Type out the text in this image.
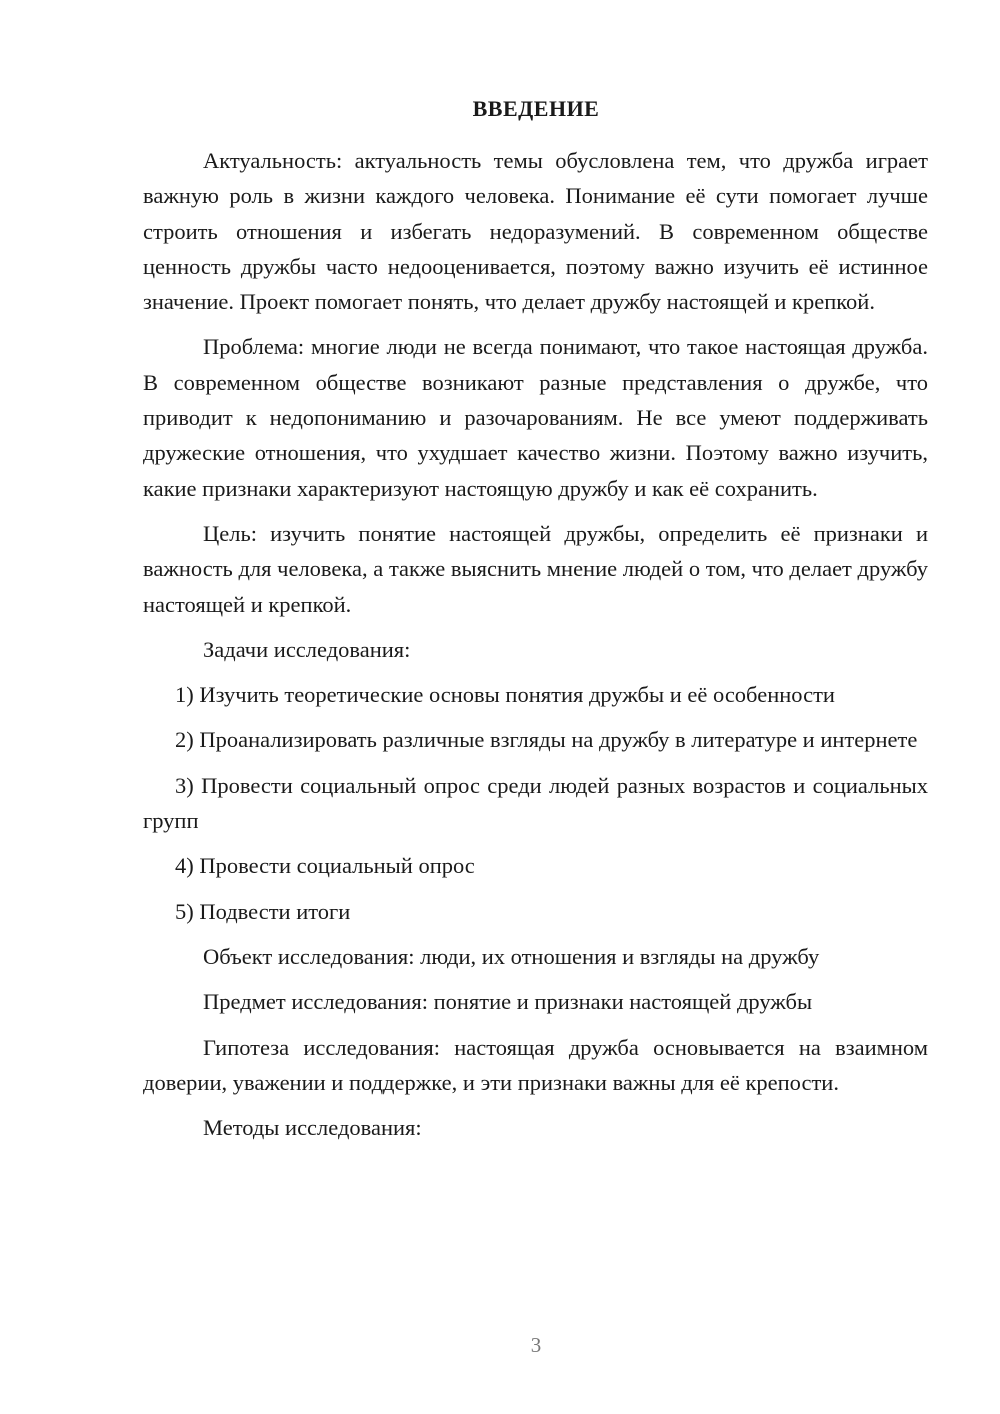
ВВЕДЕНИЕ

Актуальность: актуальность темы обусловлена тем, что дружба играет важную роль в жизни каждого человека. Понимание её сути помогает лучше строить отношения и избегать недоразумений. В современном обществе ценность дружбы часто недооценивается, поэтому важно изучить её истинное значение. Проект помогает понять, что делает дружбу настоящей и крепкой.

Проблема: многие люди не всегда понимают, что такое настоящая дружба. В современном обществе возникают разные представления о дружбе, что приводит к недопониманию и разочарованиям. Не все умеют поддерживать дружеские отношения, что ухудшает качество жизни. Поэтому важно изучить, какие признаки характеризуют настоящую дружбу и как её сохранить.

Цель: изучить понятие настоящей дружбы, определить её признаки и важность для человека, а также выяснить мнение людей о том, что делает дружбу настоящей и крепкой.

Задачи исследования:

1) Изучить теоретические основы понятия дружбы и её особенности

2) Проанализировать различные взгляды на дружбу в литературе и интернете

3) Провести социальный опрос среди людей разных возрастов и социальных групп

4) Провести социальный опрос

5) Подвести итоги

Объект исследования: люди, их отношения и взгляды на дружбу

Предмет исследования: понятие и признаки настоящей дружбы

Гипотеза исследования: настоящая дружба основывается на взаимном доверии, уважении и поддержке, и эти признаки важны для её крепости.

Методы исследования:

3
